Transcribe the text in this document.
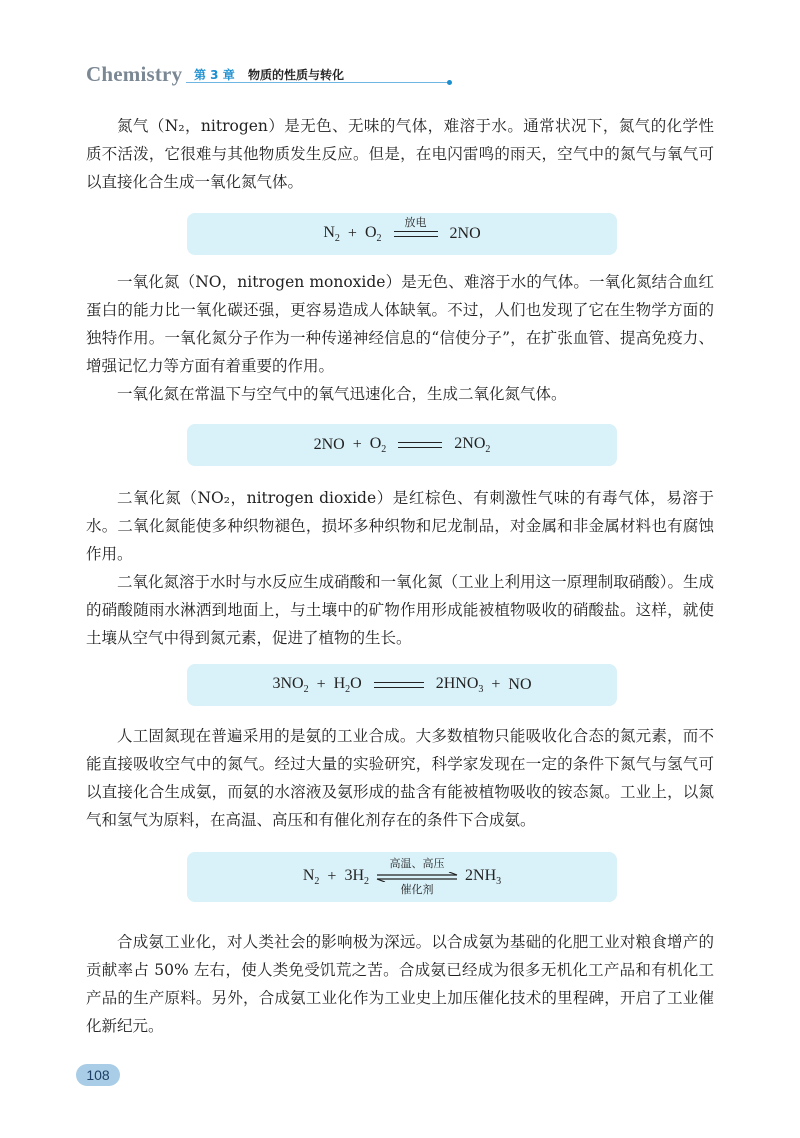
Chemistry 第 3 章 物质的性质与转化

氮气（N₂，nitrogen）是无色、无味的气体，难溶于水。通常状况下，氮气的化学性质不活泼，它很难与其他物质发生反应。但是，在电闪雷鸣的雨天，空气中的氮气与氧气可以直接化合生成一氧化氮气体。

$N_2 + O_2$
放电
2NO

一氧化氮（NO，nitrogen monoxide）是无色、难溶于水的气体。一氧化氮结合血红蛋白的能力比一氧化碳还强，更容易造成人体缺氧。不过，人们也发现了它在生物学方面的独特作用。一氧化氮分子作为一种传递神经信息的“信使分子”，在扩张血管、提高免疫力、增强记忆力等方面有着重要的作用。

一氧化氮在常温下与空气中的氧气迅速化合，生成二氧化氮气体。

$2NO + O_2$	$2NO_2$

二氧化氮（NO₂，nitrogen dioxide）是红棕色、有刺激性气味的有毒气体，易溶于水。二氧化氮能使多种织物褪色，损坏多种织物和尼龙制品，对金属和非金属材料也有腐蚀作用。

二氧化氮溶于水时与水反应生成硝酸和一氧化氮（工业上利用这一原理制取硝酸）。生成的硝酸随雨水淋洒到地面上，与土壤中的矿物作用形成能被植物吸收的硝酸盐。这样，就使土壤从空气中得到氮元素，促进了植物的生长。

$3NO_2 + H_2O$	$2HNO_3$ + NO

人工固氮现在普遍采用的是氨的工业合成。大多数植物只能吸收化合态的氮元素，而不能直接吸收空气中的氮气。经过大量的实验研究，科学家发现在一定的条件下氮气与氢气可以直接化合生成氨，而氨的水溶液及氨形成的盐含有能被植物吸收的铵态氮。工业上，以氮气和氢气为原料，在高温、高压和有催化剂存在的条件下合成氨。

$N_2 + 3H_2$
高温、高压
催化剂
$2NH_3$

合成氨工业化，对人类社会的影响极为深远。以合成氨为基础的化肥工业对粮食增产的贡献率占 50% 左右，使人类免受饥荒之苦。合成氨已经成为很多无机化工产品和有机化工产品的生产原料。另外，合成氨工业化作为工业史上加压催化技术的里程碑，开启了工业催化新纪元。

108
